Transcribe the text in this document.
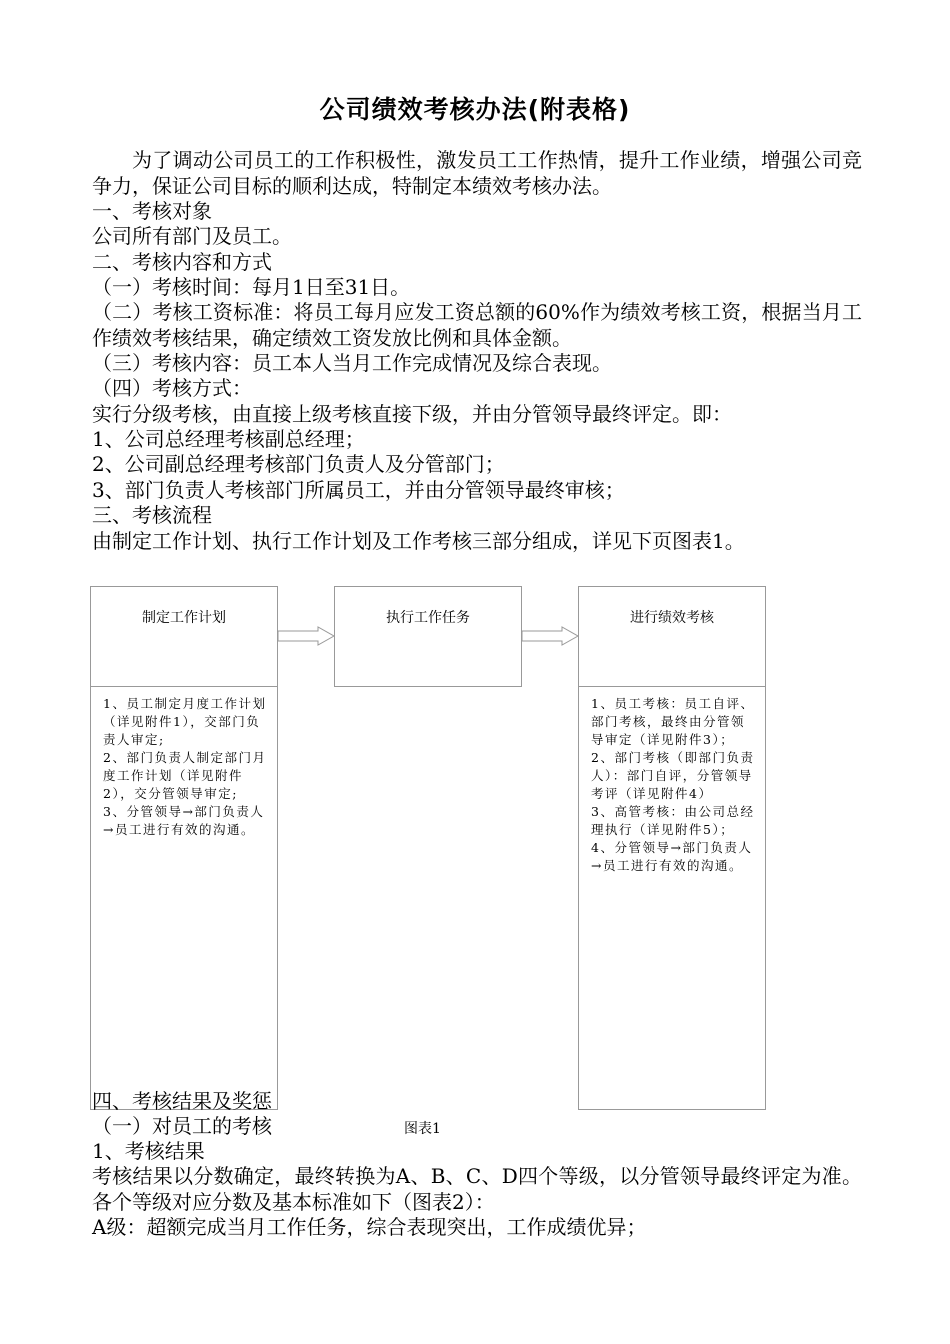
公司绩效考核办法(附表格)
为了调动公司员工的工作积极性，激发员工工作热情，提升工作业绩，增强公司竞争力，保证公司目标的顺利达成，特制定本绩效考核办法。
一、考核对象
公司所有部门及员工。
二、考核内容和方式
（一）考核时间：每月1日至31日。
（二）考核工资标准：将员工每月应发工资总额的60%作为绩效考核工资，根据当月工作绩效考核结果，确定绩效工资发放比例和具体金额。
（三）考核内容：员工本人当月工作完成情况及综合表现。
（四）考核方式：
实行分级考核，由直接上级考核直接下级，并由分管领导最终评定。即：
1、公司总经理考核副总经理；
2、公司副总经理考核部门负责人及分管部门；
3、部门负责人考核部门所属员工，并由分管领导最终审核；
三、考核流程
由制定工作计划、执行工作计划及工作考核三部分组成，详见下页图表1。
制定工作计划
1、员工制定月度工作计划（详见附件1），交部门负责人审定;
2、部门负责人制定部门月度工作计划（详见附件2），交分管领导审定;
3、分管领导→部门负责人→员工进行有效的沟通。
执行工作任务	进行绩效考核
1、员工考核：员工自评、部门考核，最终由分管领导审定（详见附件3）；
2、部门考核（即部门负责人）：部门自评，分管领导考评（详见附件4）
3、高管考核：由公司总经理执行（详见附件5）；
4、分管领导→部门负责人→员工进行有效的沟通。
四、考核结果及奖惩
图表1
（一）对员工的考核
1、考核结果
考核结果以分数确定，最终转换为A、B、C、D四个等级，以分管领导最终评定为准。各个等级对应分数及基本标准如下（图表2）：
A级：超额完成当月工作任务，综合表现突出，工作成绩优异；
